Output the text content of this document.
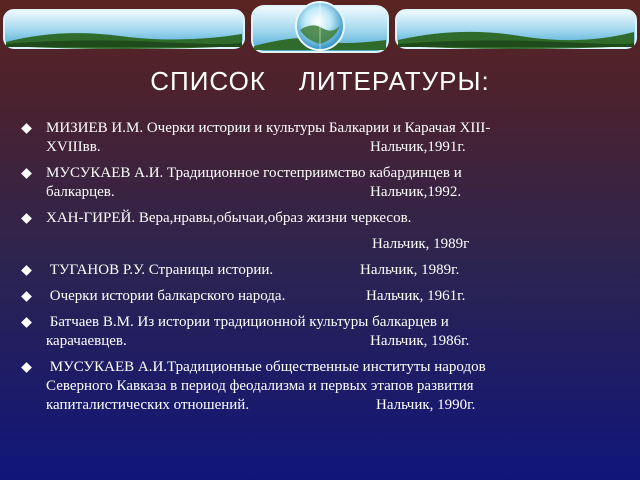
СПИСОК    ЛИТЕРАТУРЫ:
МИЗИЕВ И.М. Очерки истории и культуры Балкарии и Карачая XIII-
XVIIIвв.	Нальчик,1991г.
МУСУКАЕВ А.И. Традиционное гостеприимство кабардинцев и
балкарцев.	Нальчик,1992.
ХАН-ГИРЕЙ. Вера,нравы,обычаи,образ жизни черкесов.
Нальчик, 1989г
ТУГАНОВ Р.У. Страницы истории.	Нальчик, 1989г.
Очерки истории балкарского народа.	Нальчик, 1961г.
Батчаев В.М. Из истории традиционной культуры балкарцев и
карачаевцев.	Нальчик, 1986г.
МУСУКАЕВ А.И.Традиционные общественные институты народов
Северного Кавказа в период феодализма и первых этапов развития
капиталистических отношений.	Нальчик, 1990г.
